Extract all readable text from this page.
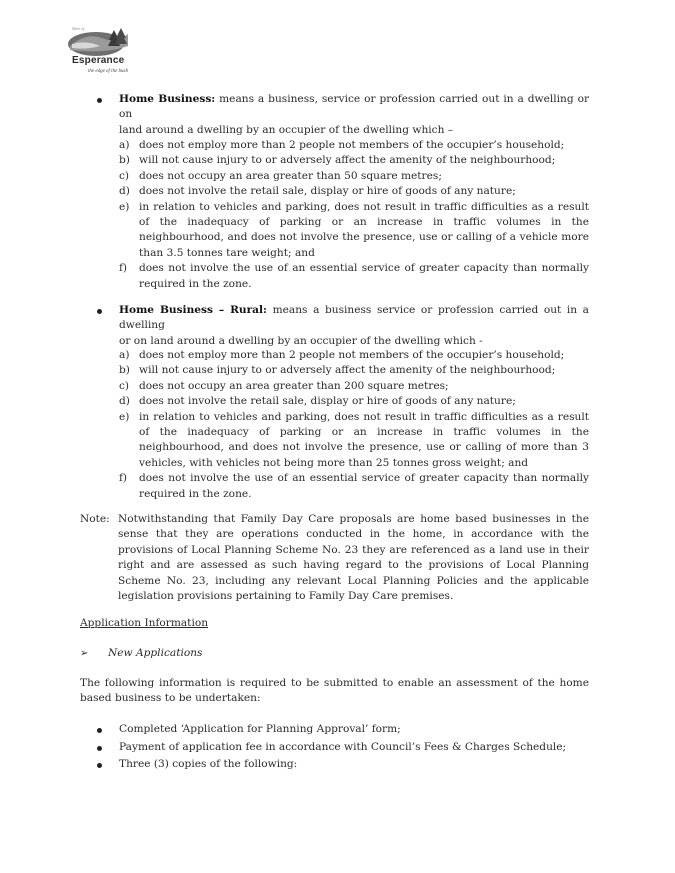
Shire of
Esperance
the edge of the bush
Home Business: means a business, service or profession carried out in a dwelling or on
land around a dwelling by an occupier of the dwelling which –
a) does not employ more than 2 people not members of the occupier’s household;
b) will not cause injury to or adversely affect the amenity of the neighbourhood;
c) does not occupy an area greater than 50 square metres;
d) does not involve the retail sale, display or hire of goods of any nature;
e) in relation to vehicles and parking, does not result in traffic difficulties as a result of the inadequacy of parking or an increase in traffic volumes in the neighbourhood, and does not involve the presence, use or calling of a vehicle more than 3.5 tonnes tare weight; and
f) does not involve the use of an essential service of greater capacity than normally required in the zone.
Home Business – Rural: means a business service or profession carried out in a dwelling
or on land around a dwelling by an occupier of the dwelling which -
a) does not employ more than 2 people not members of the occupier’s household;
b) will not cause injury to or adversely affect the amenity of the neighbourhood;
c) does not occupy an area greater than 200 square metres;
d) does not involve the retail sale, display or hire of goods of any nature;
e) in relation to vehicles and parking, does not result in traffic difficulties as a result of the inadequacy of parking or an increase in traffic volumes in the neighbourhood, and does not involve the presence, use or calling of more than 3 vehicles, with vehicles not being more than 25 tonnes gross weight; and
f) does not involve the use of an essential service of greater capacity than normally required in the zone.
Note: Notwithstanding that Family Day Care proposals are home based businesses in the sense that they are operations conducted in the home, in accordance with the provisions of Local Planning Scheme No. 23 they are referenced as a land use in their right and are assessed as such having regard to the provisions of Local Planning Scheme No. 23, including any relevant Local Planning Policies and the applicable legislation provisions pertaining to Family Day Care premises.
Application Information
➢ New Applications
The following information is required to be submitted to enable an assessment of the home based business to be undertaken:
Completed ‘Application for Planning Approval’ form;
Payment of application fee in accordance with Council’s Fees & Charges Schedule;
Three (3) copies of the following:
